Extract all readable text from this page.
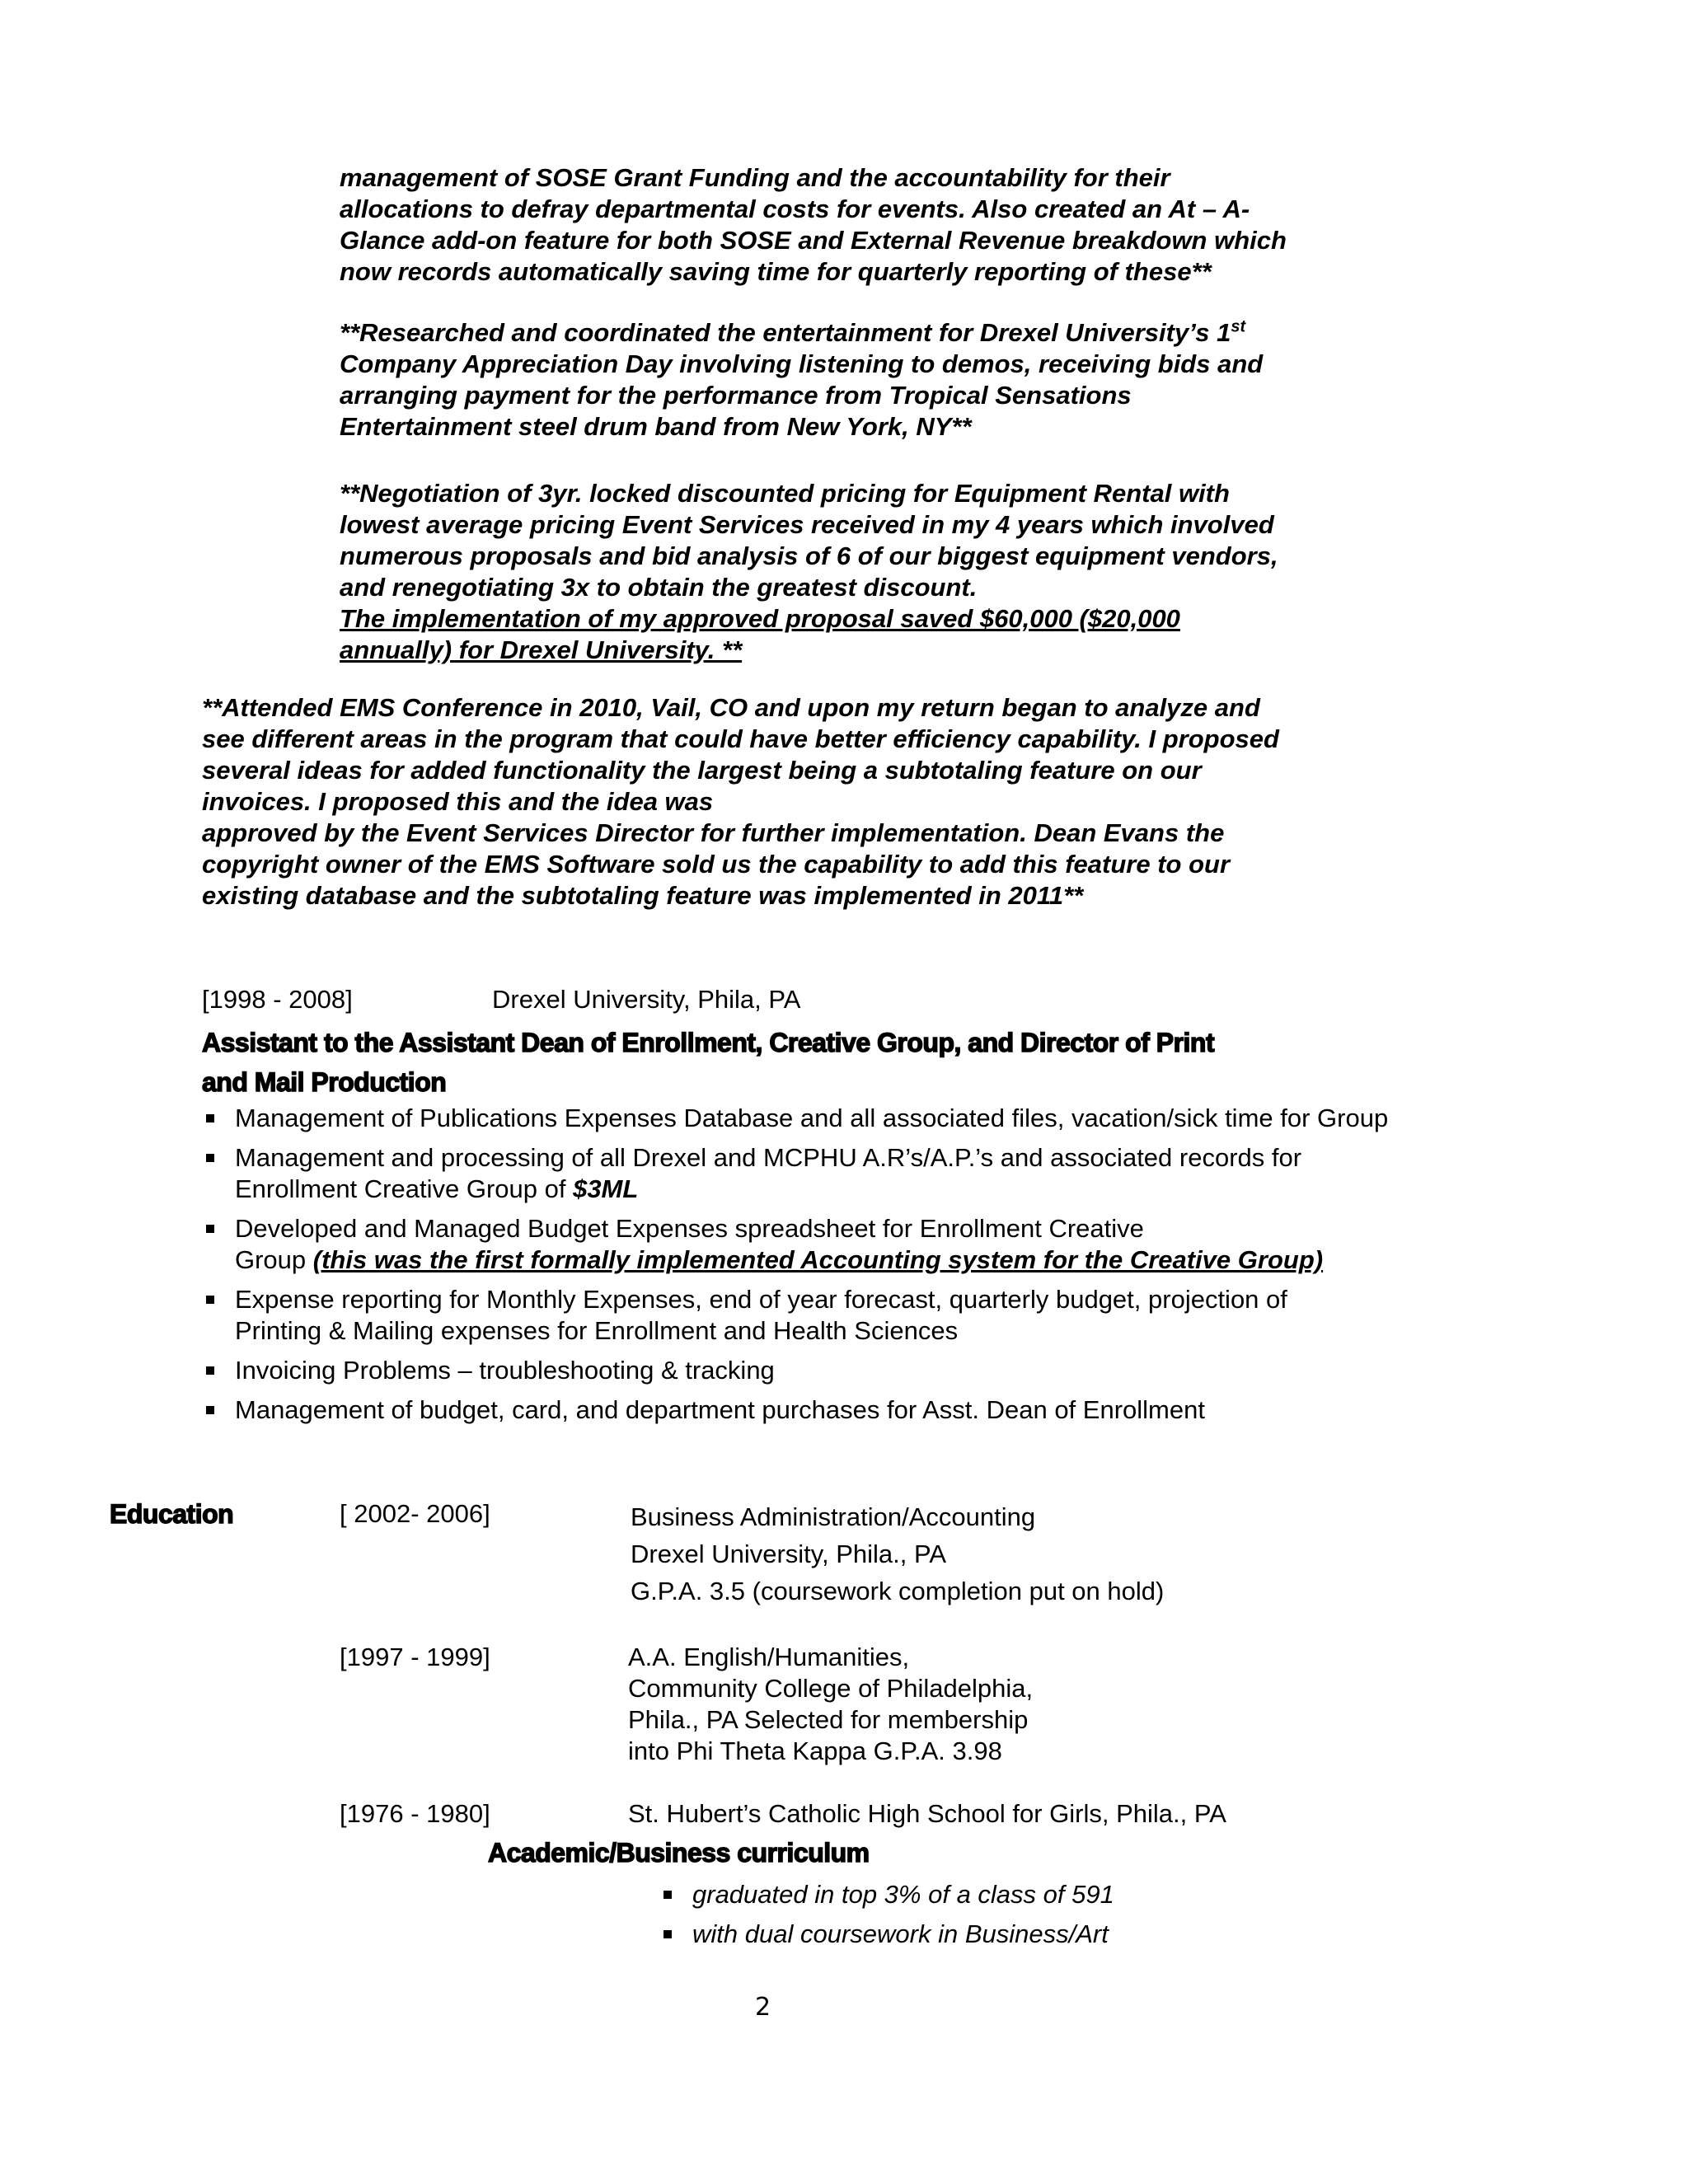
management of SOSE Grant Funding and the accountability for their
allocations to defray departmental costs for events. Also created an At – A-
Glance add-on feature for both SOSE and External Revenue breakdown which
now records automatically saving time for quarterly reporting of these**
**Researched and coordinated the entertainment for Drexel University’s 1st
Company Appreciation Day involving listening to demos, receiving bids and
arranging payment for the performance from Tropical Sensations
Entertainment steel drum band from New York, NY**
**Negotiation of 3yr. locked discounted pricing for Equipment Rental with
lowest average pricing Event Services received in my 4 years which involved
numerous proposals and bid analysis of 6 of our biggest equipment vendors,
and renegotiating 3x to obtain the greatest discount.
The implementation of my approved proposal saved $60,000 ($20,000
annually) for Drexel University. **
**Attended EMS Conference in 2010, Vail, CO and upon my return began to analyze and
see different areas in the program that could have better efficiency capability. I proposed
several ideas for added functionality the largest being a subtotaling feature on our
invoices. I proposed this and the idea was
approved by the Event Services Director for further implementation. Dean Evans the
copyright owner of the EMS Software sold us the capability to add this feature to our
existing database and the subtotaling feature was implemented in 2011**
[1998 - 2008]	Drexel University, Phila, PA
Assistant to the Assistant Dean of Enrollment, Creative Group, and Director of Print
and Mail Production
Management of Publications Expenses Database and all associated files, vacation/sick time for Group
Management and processing of all Drexel and MCPHU A.R’s/A.P.’s and associated records for
Enrollment Creative Group of $3ML
Developed and Managed Budget Expenses spreadsheet for Enrollment Creative
Group (this was the first formally implemented Accounting system for the Creative Group)
Expense reporting for Monthly Expenses, end of year forecast, quarterly budget, projection of
Printing & Mailing expenses for Enrollment and Health Sciences
Invoicing Problems – troubleshooting & tracking
Management of budget, card, and department purchases for Asst. Dean of Enrollment
Education	[ 2002- 2006]	Business Administration/Accounting
Drexel University, Phila., PA
G.P.A. 3.5 (coursework completion put on hold)
[1997 - 1999]	A.A. English/Humanities,
Community College of Philadelphia,
Phila., PA Selected for membership
into Phi Theta Kappa G.P.A. 3.98
[1976 - 1980]	St. Hubert’s Catholic High School for Girls, Phila., PA
Academic/Business curriculum
graduated in top 3% of a class of 591
with dual coursework in Business/Art
2
